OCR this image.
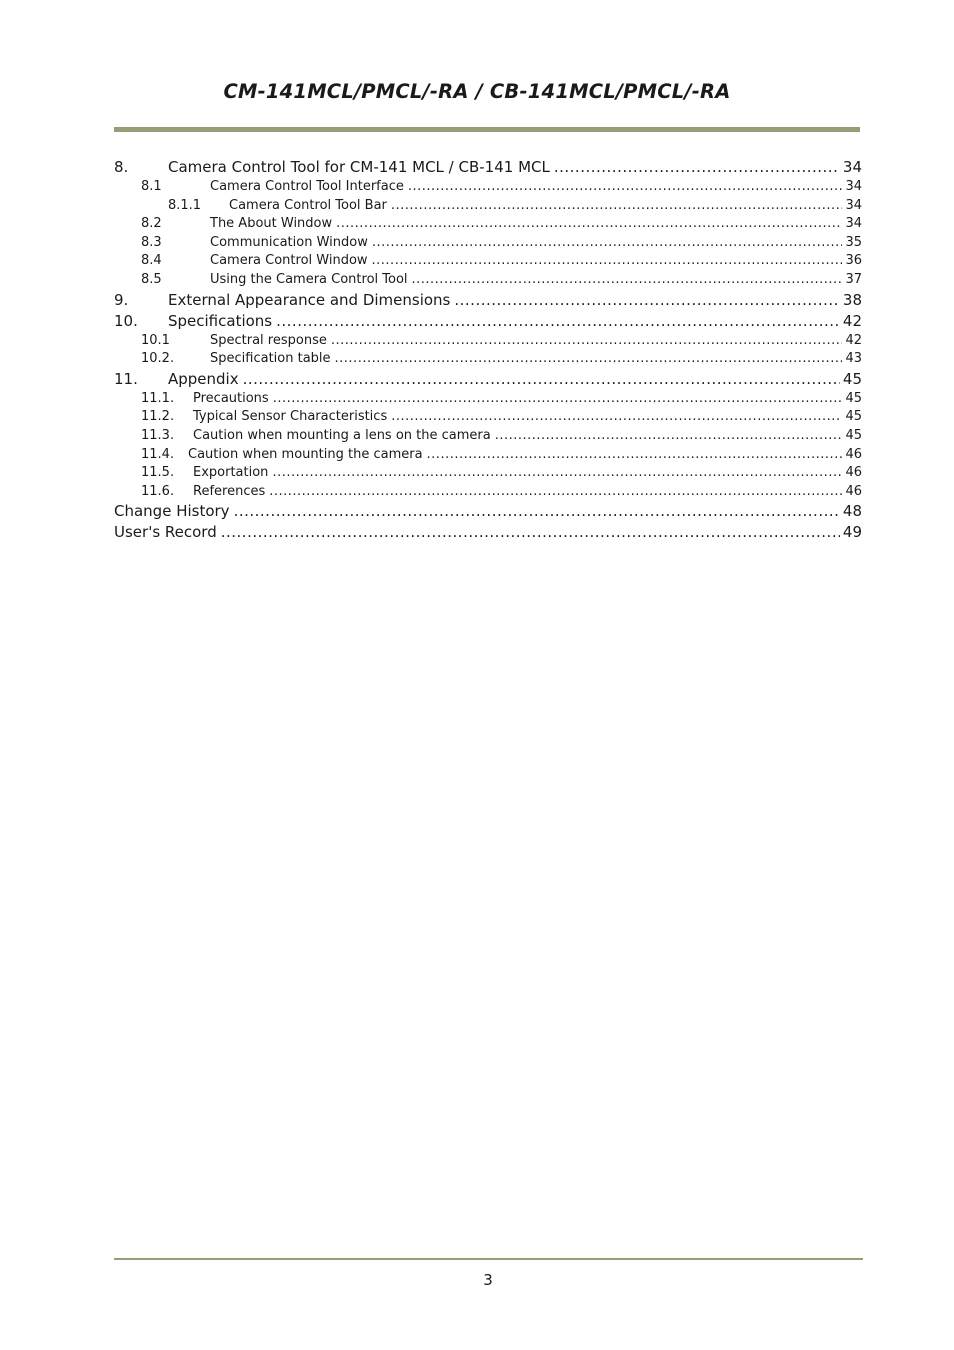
CM-141MCL/PMCL/-RA / CB-141MCL/PMCL/-RA
8.	Camera Control Tool for CM-141 MCL / CB-141 MCL .....	34
8.1	Camera Control Tool Interface .....	34
8.1.1	Camera Control Tool Bar .....	34
8.2	The About Window .....	34
8.3	Communication Window .....	35
8.4	Camera Control Window .....	36
8.5	Using the Camera Control Tool .....	37
9.	External Appearance and Dimensions .....	38
10.	Specifications .....	42
10.1	Spectral response .....	42
10.2.	Specification table .....	43
11.	Appendix .....	45
11.1.	Precautions .....	45
11.2.	Typical Sensor Characteristics .....	45
11.3.	Caution when mounting a lens on the camera .....	45
11.4.	Caution when mounting the camera .....	46
11.5.	Exportation .....	46
11.6.	References .....	46
Change History .....	48
User's Record .....	49
3
